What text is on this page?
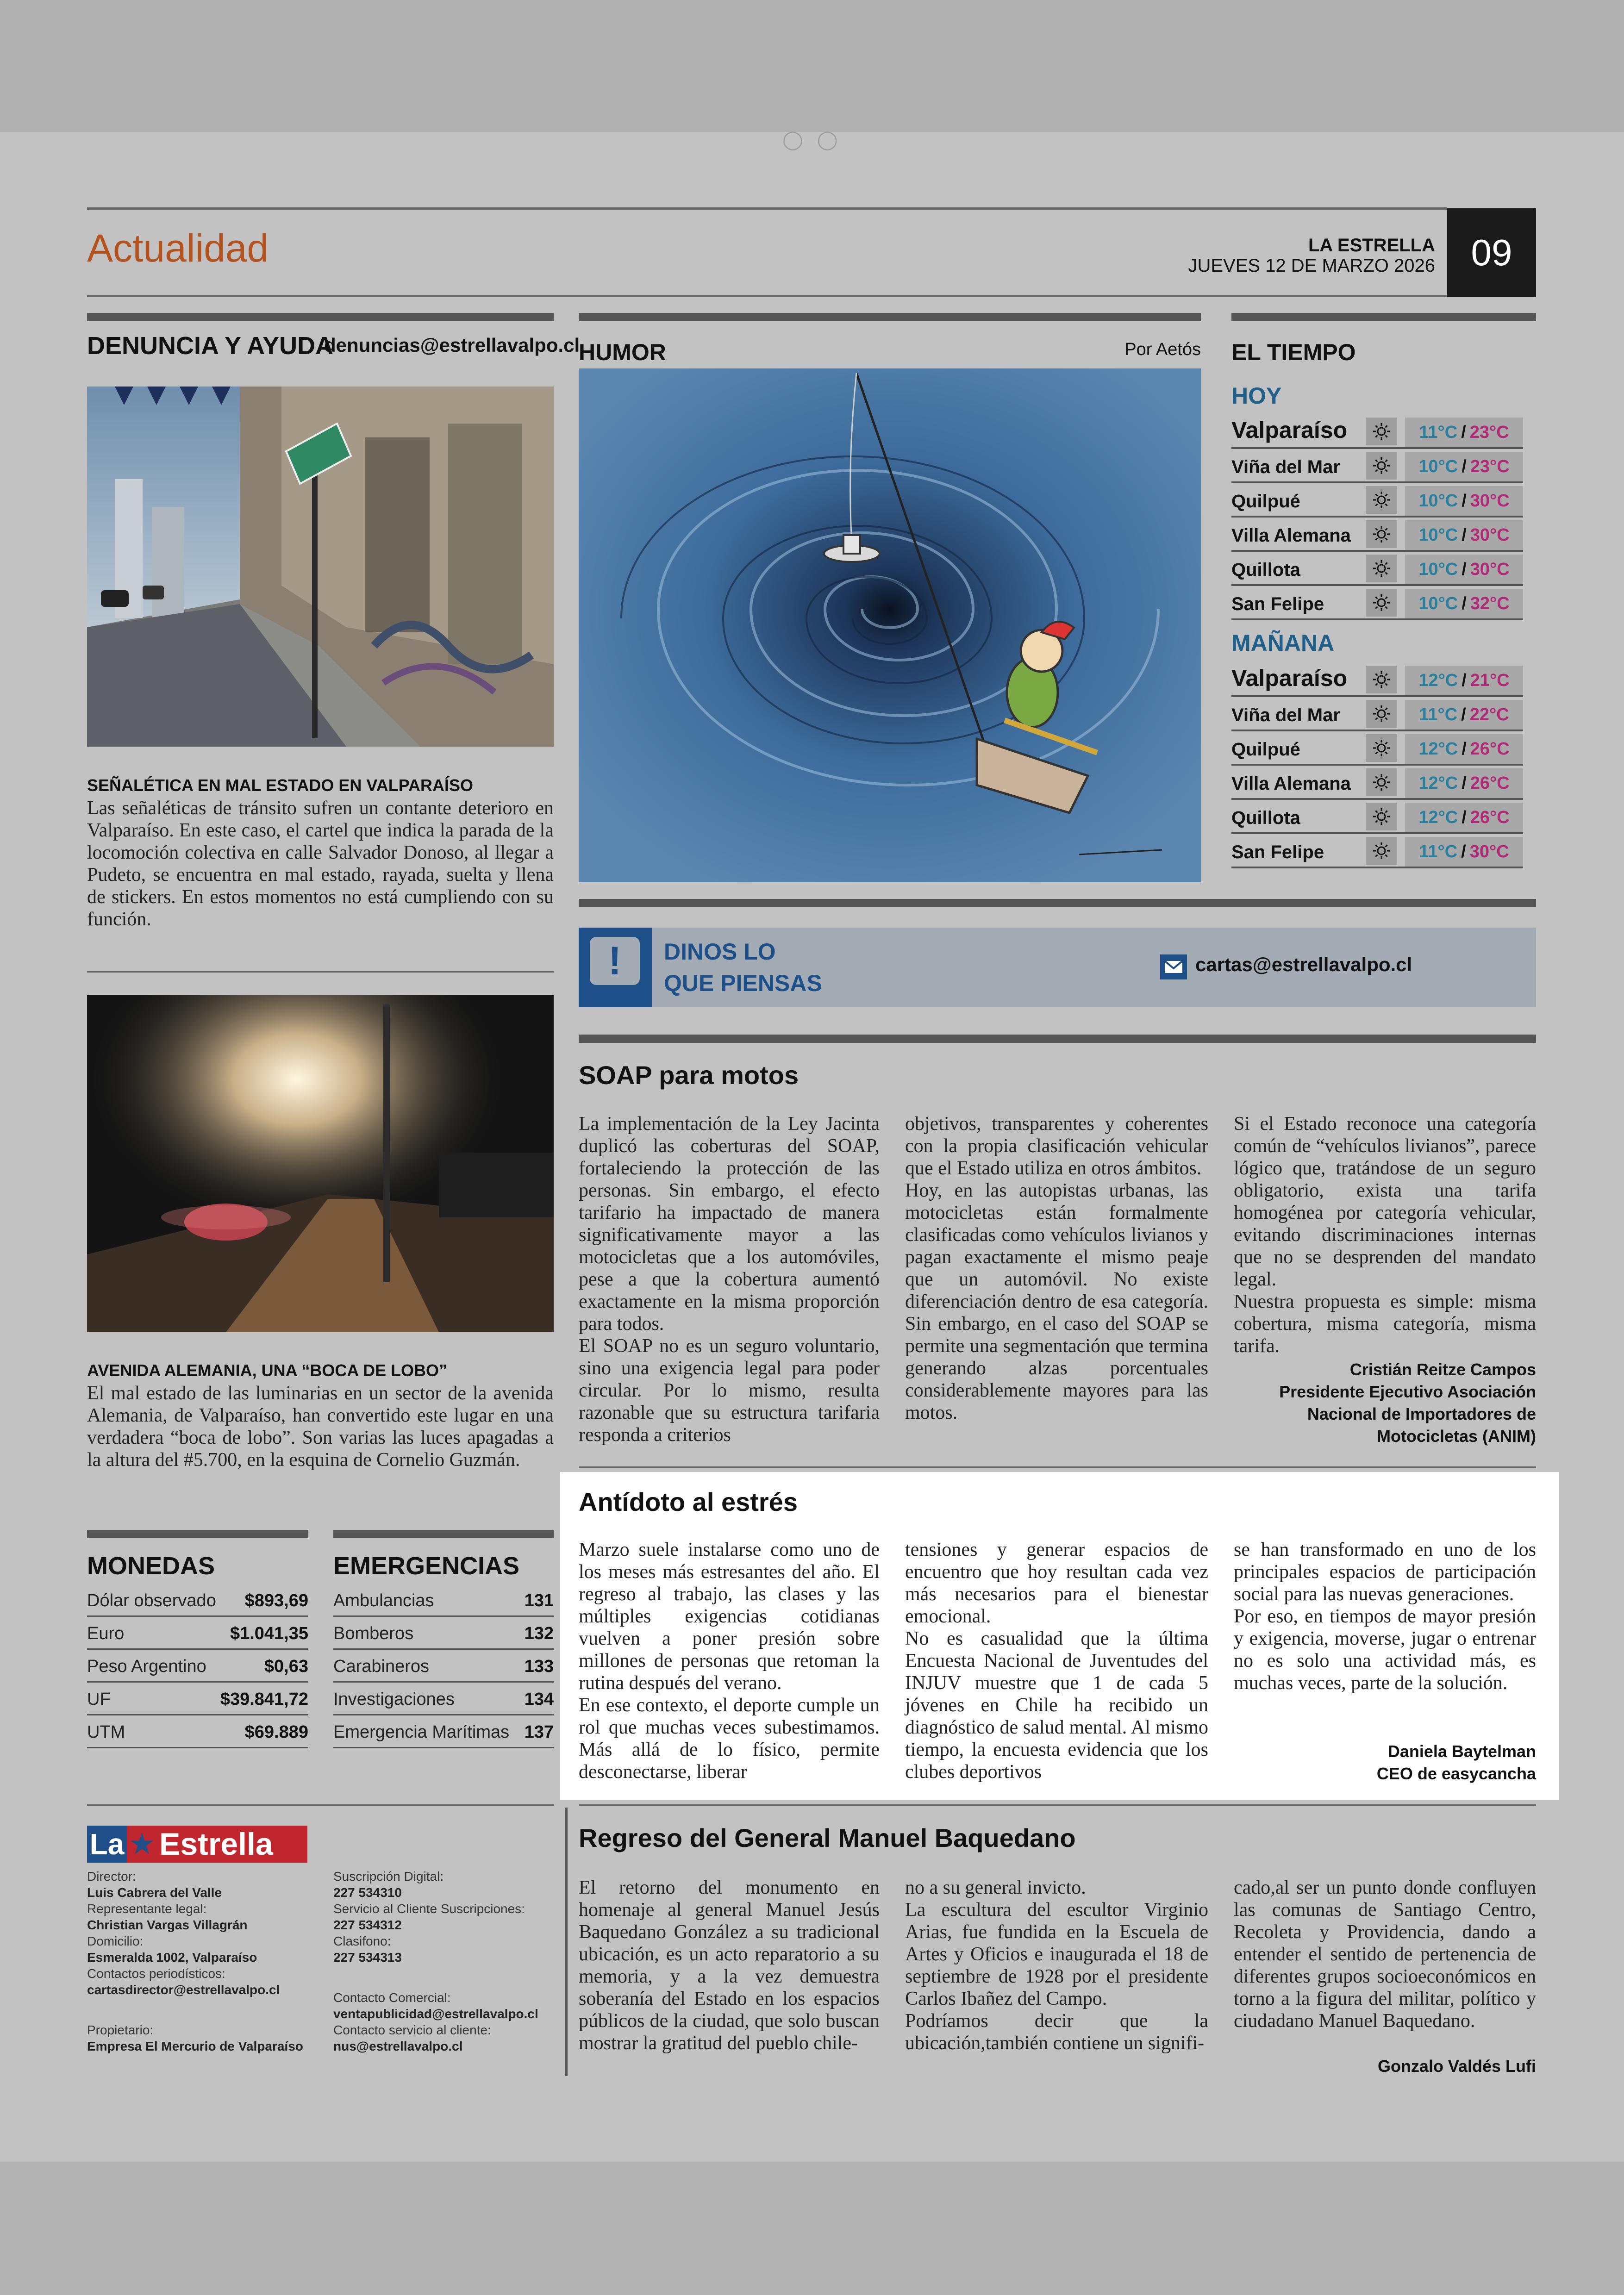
◯◯
Actualidad	LA ESTRELLA
JUEVES 12 DE MARZO 2026 09
DENUNCIA Y AYUDA
denuncias@estrellavalpo.cl
SEÑALÉTICA EN MAL ESTADO EN VALPARAÍSO
Las señaléticas de tránsito sufren un contante deterioro en Valparaíso. En este caso, el cartel que indica la parada de la locomoción colectiva en calle Salvador Donoso, al llegar a Pudeto, se encuentra en mal estado, rayada, suelta y llena de stickers. En estos momentos no está cumpliendo con su función.
AVENIDA ALEMANIA, UNA “BOCA DE LOBO”
El mal estado de las luminarias en un sector de la avenida Alemania, de Valparaíso, han convertido este lugar en una verdadera “boca de lobo”. Son varias las luces apagadas a la altura del #5.700, en la esquina de Cornelio Guzmán.
MONEDAS
Dólar observado $893,69
Euro	$1.041,35
Peso Argentino	$0,63
UF	$39.841,72
UTM	$69.889
EMERGENCIAS
Ambulancias	131
Bomberos	132
Carabineros	133
Investigaciones	134
Emergencia Marítimas 137
La ★ Estrella
Director:
Luis Cabrera del Valle
Representante legal:
Christian Vargas Villagrán
Domicilio:
Esmeralda 1002, Valparaíso
Contactos periodísticos:
cartasdirector@estrellavalpo.cl
Propietario:
Empresa El Mercurio de Valparaíso
Suscripción Digital:
227 534310
Servicio al Cliente Suscripciones:
227 534312
Clasifono:
227 534313
Contacto Comercial:
ventapublicidad@estrellavalpo.cl
Contacto servicio al cliente:
nus@estrellavalpo.cl
HUMOR	Por Aetós EL TIEMPO
HOY
Valparaíso	11°C / 23°C
Viña del Mar	10°C / 23°C
Quilpué	10°C / 30°C
Villa Alemana	10°C / 30°C
Quillota	10°C / 30°C
San Felipe	10°C / 32°C
MAÑANA
Valparaíso	12°C / 21°C
Viña del Mar	11°C / 22°C
Quilpué	12°C / 26°C
Villa Alemana	12°C / 26°C
Quillota	12°C / 26°C
San Felipe	11°C / 30°C
!	DINOS LO
QUE PIENSAS
cartas@estrellavalpo.cl
SOAP para motos
La implementación de la Ley Jacinta duplicó las coberturas del SOAP, fortaleciendo la protección de las personas. Sin embargo, el efecto tarifario ha impactado de manera significativamente mayor a las motocicletas que a los automóviles, pese a que la cobertura aumentó exactamente en la misma proporción para todos.
El SOAP no es un seguro voluntario, sino una exigencia legal para poder circular. Por lo mismo, resulta razonable que su estructura tarifaria responda a criterios
objetivos, transparentes y coherentes con la propia clasificación vehicular que el Estado utiliza en otros ámbitos.
Hoy, en las autopistas urbanas, las motocicletas están formalmente clasificadas como vehículos livianos y pagan exactamente el mismo peaje que un automóvil. No existe diferenciación dentro de esa categoría. Sin embargo, en el caso del SOAP se permite una segmentación que termina generando alzas porcentuales considerablemente mayores para las motos.
Si el Estado reconoce una categoría común de “vehículos livianos”, parece lógico que, tratándose de un seguro obligatorio, exista una tarifa homogénea por categoría vehicular, evitando discriminaciones internas que no se desprenden del mandato legal.
Nuestra propuesta es simple: misma cobertura, misma categoría, misma tarifa.
Cristián Reitze Campos
Presidente Ejecutivo Asociación
Nacional de Importadores de
Motocicletas (ANIM)
Antídoto al estrés
Marzo suele instalarse como uno de los meses más estresantes del año. El regreso al trabajo, las clases y las múltiples exigencias cotidianas vuelven a poner presión sobre millones de personas que retoman la rutina después del verano.
En ese contexto, el deporte cumple un rol que muchas veces subestimamos. Más allá de lo físico, permite desconectarse, liberar
tensiones y generar espacios de encuentro que hoy resultan cada vez más necesarios para el bienestar emocional.
No es casualidad que la última Encuesta Nacional de Juventudes del INJUV muestre que 1 de cada 5 jóvenes en Chile ha recibido un diagnóstico de salud mental. Al mismo tiempo, la encuesta evidencia que los clubes deportivos
se han transformado en uno de los principales espacios de participación social para las nuevas generaciones.
Por eso, en tiempos de mayor presión y exigencia, moverse, jugar o entrenar no es solo una actividad más, es muchas veces, parte de la solución.
Daniela Baytelman
CEO de easycancha
Regreso del General Manuel Baquedano
El retorno del monumento en homenaje al general Manuel Jesús Baquedano González a su tradicional ubicación, es un acto reparatorio a su memoria, y a la vez demuestra soberanía del Estado en los espacios públicos de la ciudad, que solo buscan mostrar la gratitud del pueblo chile-
no a su general invicto.
La escultura del escultor Virginio Arias, fue fundida en la Escuela de Artes y Oficios e inaugurada el 18 de septiembre de 1928 por el presidente Carlos Ibañez del Campo.
Podríamos decir que la ubicación,también contiene un signifi-
cado,al ser un punto donde confluyen las comunas de Santiago Centro, Recoleta y Providencia, dando a entender el sentido de pertenencia de diferentes grupos socioeconómicos en torno a la figura del militar, político y ciudadano Manuel Baquedano.
Gonzalo Valdés Lufi
